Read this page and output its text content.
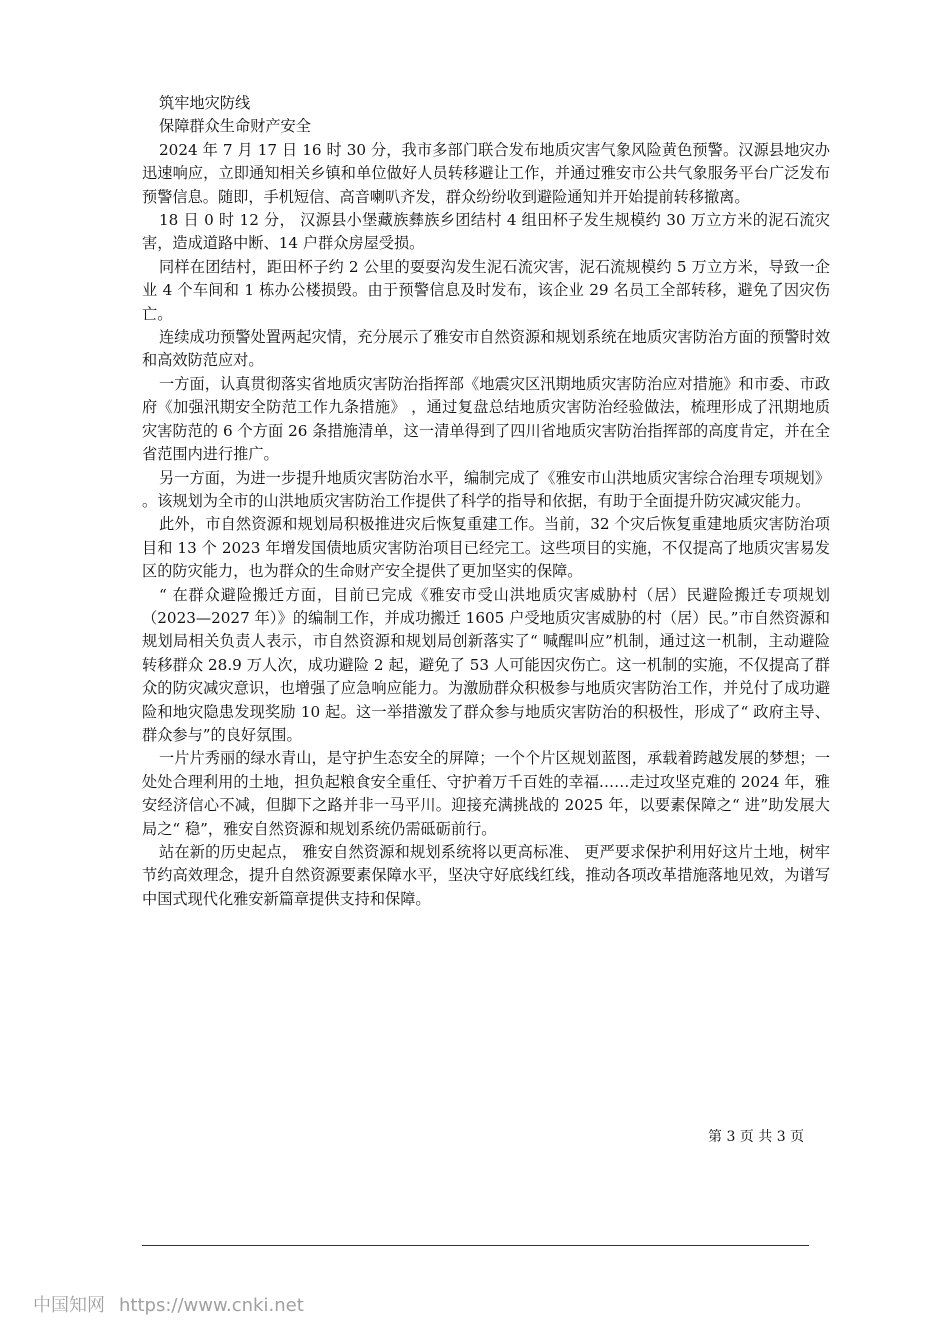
筑牢地灾防线

保障群众生命财产安全

2024 年 7 月 17 日 16 时 30 分，我市多部门联合发布地质灾害气象风险黄色预警。汉源县地灾办迅速响应，立即通知相关乡镇和单位做好人员转移避让工作，并通过雅安市公共气象服务平台广泛发布预警信息。随即，手机短信、高音喇叭齐发，群众纷纷收到避险通知并开始提前转移撤离。

18 日 0 时 12 分， 汉源县小堡藏族彝族乡团结村 4 组田杯子发生规模约 30 万立方米的泥石流灾害，造成道路中断、14 户群众房屋受损。

同样在团结村，距田杯子约 2 公里的耍耍沟发生泥石流灾害，泥石流规模约 5 万立方米，导致一企业 4 个车间和 1 栋办公楼损毁。由于预警信息及时发布，该企业 29 名员工全部转移，避免了因灾伤亡。

连续成功预警处置两起灾情，充分展示了雅安市自然资源和规划系统在地质灾害防治方面的预警时效和高效防范应对。

一方面，认真贯彻落实省地质灾害防治指挥部《地震灾区汛期地质灾害防治应对措施》和市委、市政府《加强汛期安全防范工作九条措施》 ，通过复盘总结地质灾害防治经验做法，梳理形成了汛期地质灾害防范的 6 个方面 26 条措施清单，这一清单得到了四川省地质灾害防治指挥部的高度肯定，并在全省范围内进行推广。

另一方面，为进一步提升地质灾害防治水平，编制完成了《雅安市山洪地质灾害综合治理专项规划》 。该规划为全市的山洪地质灾害防治工作提供了科学的指导和依据，有助于全面提升防灾减灾能力。

此外，市自然资源和规划局积极推进灾后恢复重建工作。当前，32 个灾后恢复重建地质灾害防治项目和 13 个 2023 年增发国债地质灾害防治项目已经完工。这些项目的实施，不仅提高了地质灾害易发区的防灾能力，也为群众的生命财产安全提供了更加坚实的保障。

“ 在群众避险搬迁方面，目前已完成《雅安市受山洪地质灾害威胁村（居）民避险搬迁专项规划（2023—2027 年）》的编制工作，并成功搬迁 1605 户受地质灾害威胁的村（居）民。”市自然资源和规划局相关负责人表示，市自然资源和规划局创新落实了“ 喊醒叫应”机制，通过这一机制，主动避险转移群众 28.9 万人次，成功避险 2 起，避免了 53 人可能因灾伤亡。这一机制的实施，不仅提高了群众的防灾减灾意识，也增强了应急响应能力。为激励群众积极参与地质灾害防治工作，并兑付了成功避险和地灾隐患发现奖励 10 起。这一举措激发了群众参与地质灾害防治的积极性，形成了“ 政府主导、群众参与”的良好氛围。

一片片秀丽的绿水青山，是守护生态安全的屏障；一个个片区规划蓝图，承载着跨越发展的梦想；一处处合理利用的土地，担负起粮食安全重任、守护着万千百姓的幸福……走过攻坚克难的 2024 年，雅安经济信心不减，但脚下之路并非一马平川。迎接充满挑战的 2025 年，以要素保障之“ 进”助发展大局之“ 稳”，雅安自然资源和规划系统仍需砥砺前行。

站在新的历史起点， 雅安自然资源和规划系统将以更高标准、 更严要求保护利用好这片土地，树牢节约高效理念，提升自然资源要素保障水平，坚决守好底线红线，推动各项改革措施落地见效，为谱写中国式现代化雅安新篇章提供支持和保障。

第 3 页 共 3 页
中国知网 https://www.cnki.net
